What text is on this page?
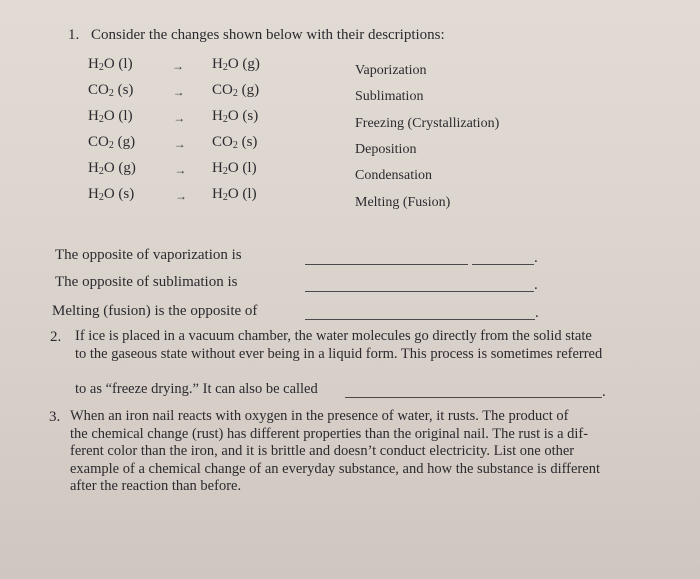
1. Consider the changes shown below with their descriptions:
$H_2O$ (l)	→ $H_2O$ (g)	Vaporization
$CO_2$ (s)	→ $CO_2$ (g)	Sublimation
$H_2O$ (l)	→ $H_2O$ (s)	Freezing (Crystallization)
$CO_2$ (g)	→ $CO_2$ (s)	Deposition
$H_2O$ (g)	→ $H_2O$ (l)	Condensation
$H_2O$ (s)	→ $H_2O$ (l)	Melting (Fusion)
The opposite of vaporization is	.
The opposite of sublimation is	.
Melting (fusion) is the opposite of	.
2. If ice is placed in a vacuum chamber, the water molecules go directly from the solid state
to the gaseous state without ever being in a liquid form. This process is sometimes referred
to as “freeze drying.” It can also be called	.
3. When an iron nail reacts with oxygen in the presence of water, it rusts. The product of
the chemical change (rust) has different properties than the original nail. The rust is a dif-
ferent color than the iron, and it is brittle and doesn’t conduct electricity. List one other
example of a chemical change of an everyday substance, and how the substance is different
after the reaction than before.
